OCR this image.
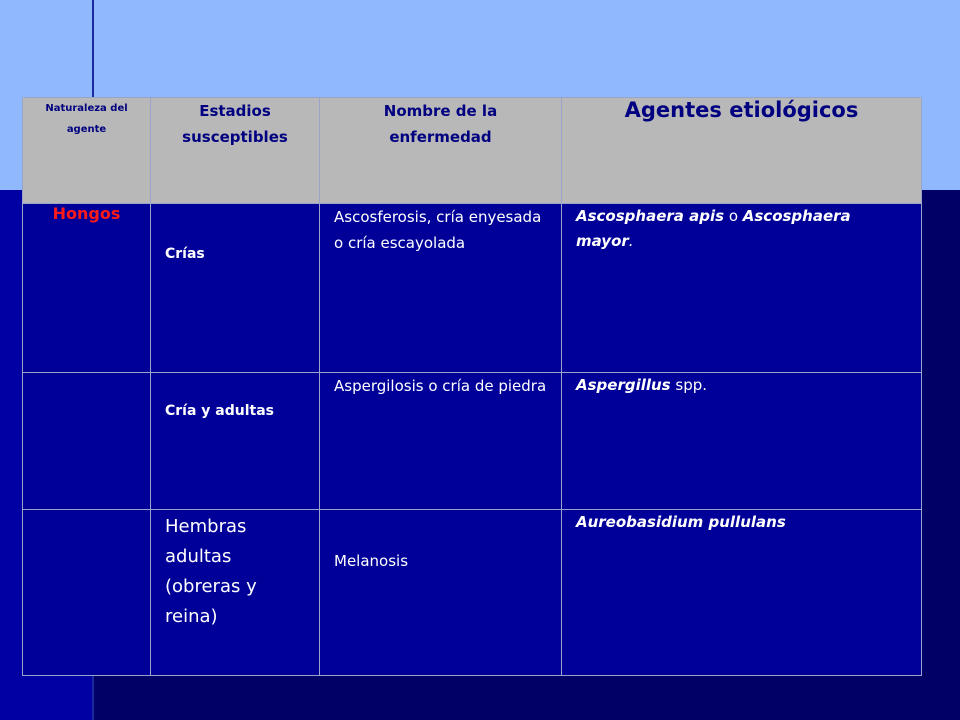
Naturaleza del agente	Estadios susceptibles	Nombre de la enfermedad	Agentes etiológicos
Hongos	Crías	Ascosferosis, cría enyesada o cría escayolada	Ascosphaera apis o Ascosphaera mayor.
	Cría y adultas	Aspergilosis o cría de piedra	Aspergillus spp.
	Hembras adultas (obreras y reina)	Melanosis	Aureobasidium pullulans
